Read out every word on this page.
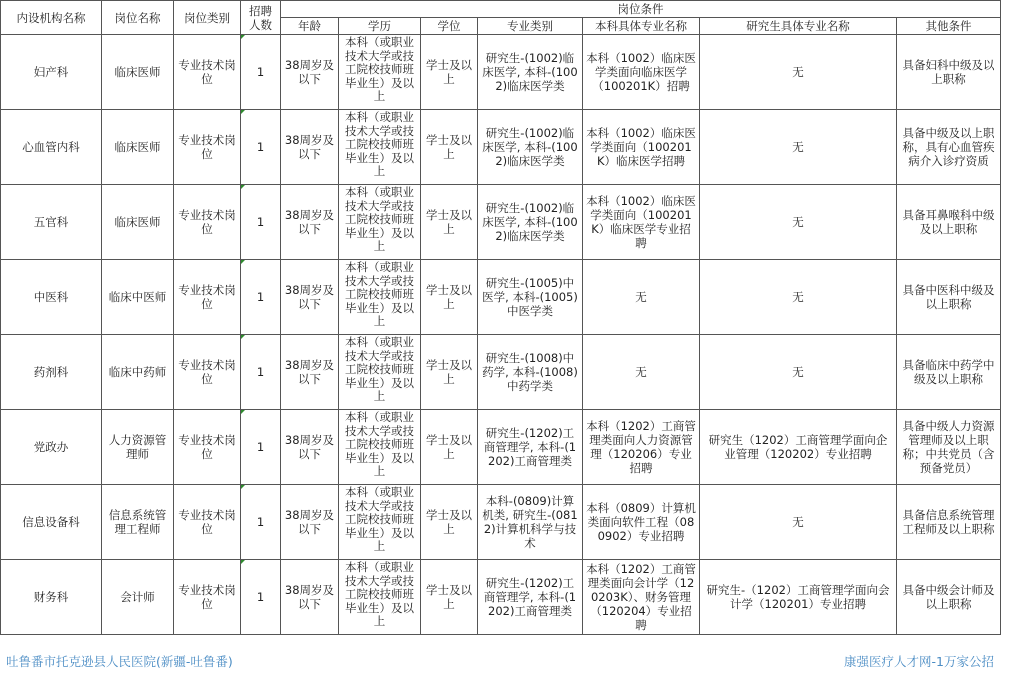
内设机构名称	岗位名称	岗位类别	招聘人数	岗位条件						
				年龄	学历	学位	专业类别	本科具体专业名称	研究生具体专业名称	其他条件
妇产科	临床医师	专业技术岗位	1	38周岁及以下	本科（或职业技术大学或技工院校技师班毕业生）及以上	学士及以上	研究生-(1002)临床医学, 本科-(1002)临床医学类	本科（1002）临床医学类面向临床医学（100201K）招聘	无	具备妇科中级及以上职称
心血管内科	临床医师	专业技术岗位	1	38周岁及以下	本科（或职业技术大学或技工院校技师班毕业生）及以上	学士及以上	研究生-(1002)临床医学, 本科-(1002)临床医学类	本科（1002）临床医学类面向（100201K）临床医学招聘	无	具备中级及以上职称，具有心血管疾病介入诊疗资质
五官科	临床医师	专业技术岗位	1	38周岁及以下	本科（或职业技术大学或技工院校技师班毕业生）及以上	学士及以上	研究生-(1002)临床医学, 本科-(1002)临床医学类	本科（1002）临床医学类面向（100201K）临床医学专业招聘	无	具备耳鼻喉科中级及以上职称
中医科	临床中医师	专业技术岗位	1	38周岁及以下	本科（或职业技术大学或技工院校技师班毕业生）及以上	学士及以上	研究生-(1005)中医学, 本科-(1005)中医学类	无	无	具备中医科中级及以上职称
药剂科	临床中药师	专业技术岗位	1	38周岁及以下	本科（或职业技术大学或技工院校技师班毕业生）及以上	学士及以上	研究生-(1008)中药学, 本科-(1008)中药学类	无	无	具备临床中药学中级及以上职称
党政办	人力资源管理师	专业技术岗位	1	38周岁及以下	本科（或职业技术大学或技工院校技师班毕业生）及以上	学士及以上	研究生-(1202)工商管理学, 本科-(1202)工商管理类	本科（1202）工商管理类面向人力资源管理（120206）专业招聘	研究生（1202）工商管理学面向企业管理（120202）专业招聘	具备中级人力资源管理师及以上职称；中共党员（含预备党员）
信息设备科	信息系统管理工程师	专业技术岗位	1	38周岁及以下	本科（或职业技术大学或技工院校技师班毕业生）及以上	学士及以上	本科-(0809)计算机类, 研究生-(0812)计算机科学与技术	本科（0809）计算机类面向软件工程（080902）专业招聘	无	具备信息系统管理工程师及以上职称
财务科	会计师	专业技术岗位	1	38周岁及以下	本科（或职业技术大学或技工院校技师班毕业生）及以上	学士及以上	研究生-(1202)工商管理学, 本科-(1202)工商管理类	本科（1202）工商管理类面向会计学（120203K）、财务管理（120204）专业招聘	研究生-（1202）工商管理学面向会计学（120201）专业招聘	具备中级会计师及以上职称
吐鲁番市托克逊县人民医院(新疆-吐鲁番)	康强医疗人才网-1万家公招
